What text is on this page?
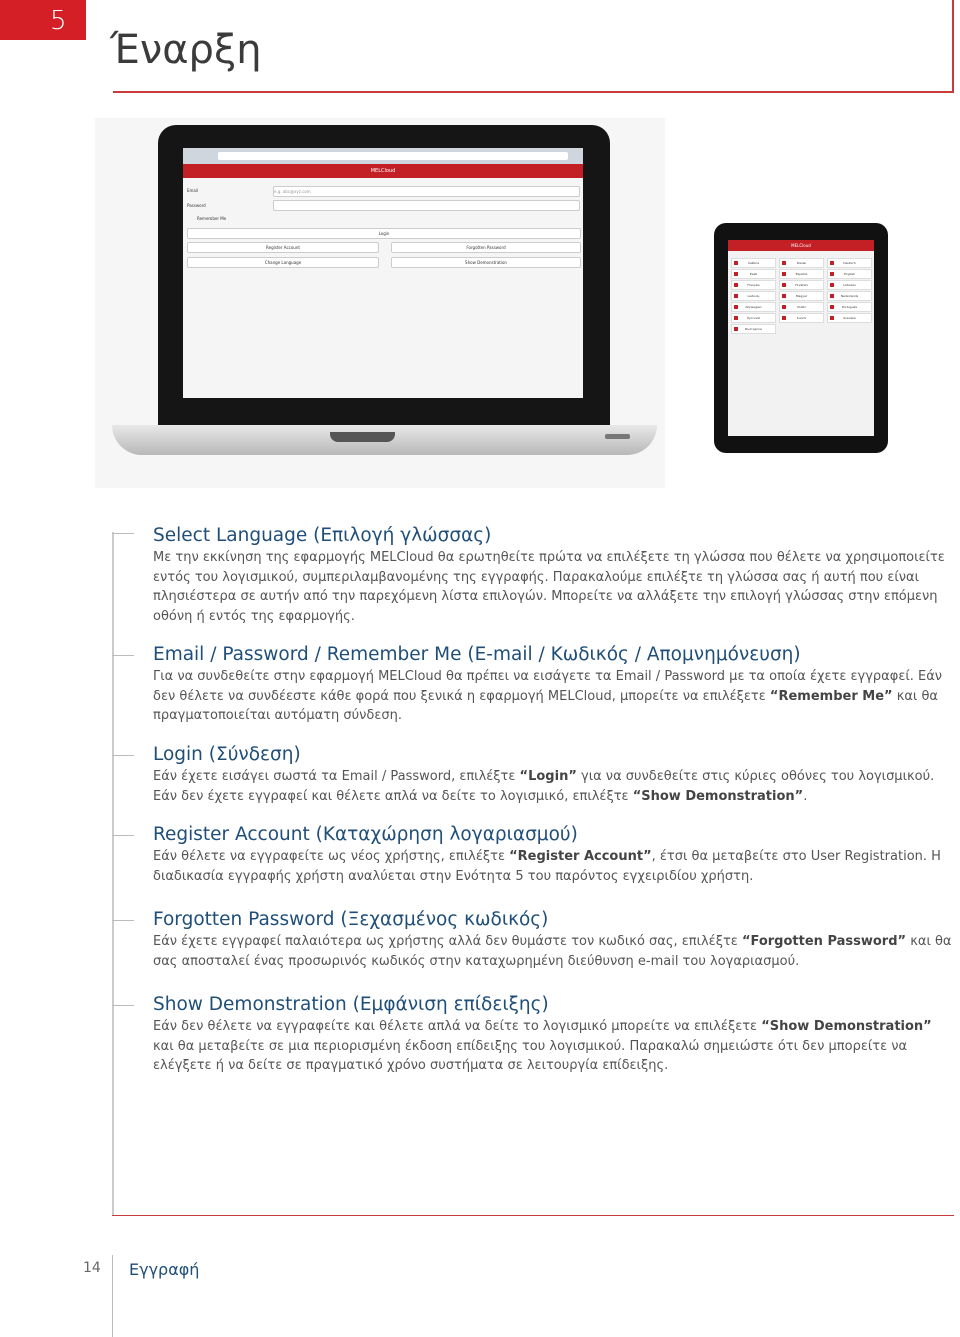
5
Έναρξη
MELCloud
Email	e.g. abc@xyz.com
Password
Remember Me
Login
Register Account	Forgotten Password
Change Language	Show Demonstration
MELCloud
Čeština	Dansk	Deutsch
Eesti	Español	English
Français	Hrvatski	Latviešu
Lietuvių	Magyar	Nederlands
Norwegian	Polski	Português
Русский	Suomi	Svenska
Български
Select Language (Επιλογή γλώσσας)

Με την εκκίνηση της εφαρμογής MELCloud θα ερωτηθείτε πρώτα να επιλέξετε τη γλώσσα που θέλετε να χρησιμοποιείτε εντός του λογισμικού, συμπεριλαμβανομένης της εγγραφής. Παρακαλούμε επιλέξτε τη γλώσσα σας ή αυτή που είναι πλησιέστερα σε αυτήν από την παρεχόμενη λίστα επιλογών. Μπορείτε να αλλάξετε την επιλογή γλώσσας στην επόμενη οθόνη ή εντός της εφαρμογής.

Email / Password / Remember Me (E-mail / Κωδικός / Απομνημόνευση)

Για να συνδεθείτε στην εφαρμογή MELCloud θα πρέπει να εισάγετε τα Email / Password με τα οποία έχετε εγγραφεί. Εάν δεν θέλετε να συνδέεστε κάθε φορά που ξενικά η εφαρμογή MELCloud, μπορείτε να επιλέξετε “Remember Me” και θα πραγματοποιείται αυτόματη σύνδεση.

Login (Σύνδεση)

Εάν έχετε εισάγει σωστά τα Email / Password, επιλέξτε “Login” για να συνδεθείτε στις κύριες οθόνες του λογισμικού. Εάν δεν έχετε εγγραφεί και θέλετε απλά να δείτε το λογισμικό, επιλέξτε “Show Demonstration”.

Register Account (Καταχώρηση λογαριασμού)

Εάν θέλετε να εγγραφείτε ως νέος χρήστης, επιλέξτε “Register Account”, έτσι θα μεταβείτε στο User Registration. Η διαδικασία εγγραφής χρήστη αναλύεται στην Ενότητα 5 του παρόντος εγχειριδίου χρήστη.

Forgotten Password (Ξεχασμένος κωδικός)

Εάν έχετε εγγραφεί παλαιότερα ως χρήστης αλλά δεν θυμάστε τον κωδικό σας, επιλέξτε “Forgotten Password” και θα σας αποσταλεί ένας προσωρινός κωδικός στην καταχωρημένη διεύθυνση e-mail του λογαριασμού.

Show Demonstration (Εμφάνιση επίδειξης)

Εάν δεν θέλετε να εγγραφείτε και θέλετε απλά να δείτε το λογισμικό μπορείτε να επιλέξετε “Show Demonstration” και θα μεταβείτε σε μια περιορισμένη έκδοση επίδειξης του λογισμικού. Παρακαλώ σημειώστε ότι δεν μπορείτε να ελέγξετε ή να δείτε σε πραγματικό χρόνο συστήματα σε λειτουργία επίδειξης.

14 Εγγραφή
